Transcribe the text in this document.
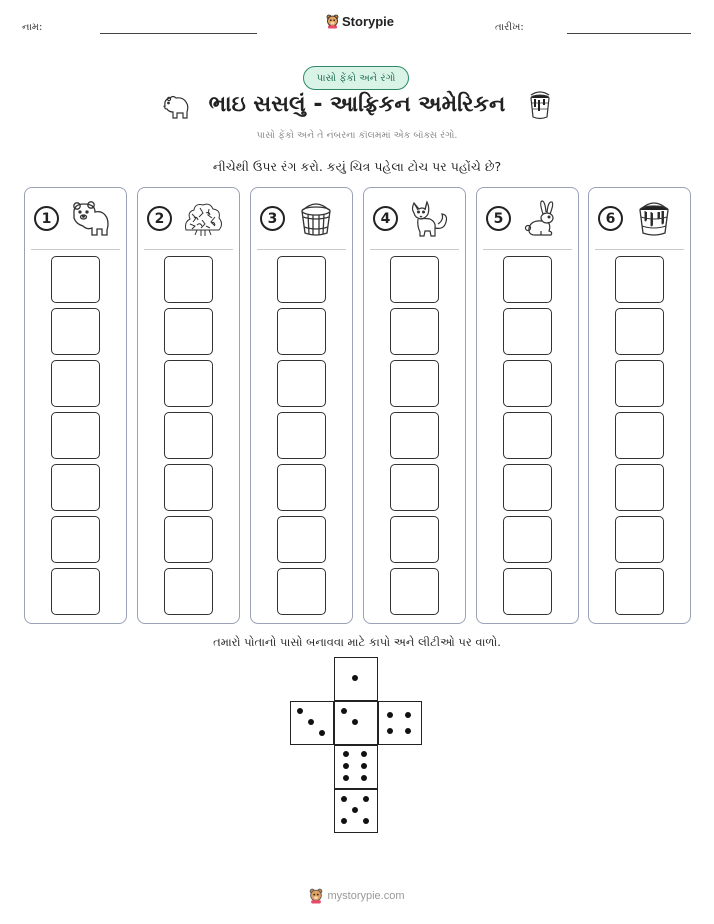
નામ:	Storypie	તારીખ:
પાસો ફેંકો અને રંગો
ભાઇ સસલું - આફ્રિકન અમેરિકન
પાસો ફેંકો અને તે નંબરના કૉલમમાં એક બૉક્સ રંગો.
નીચેથી ઉપર રંગ કરો. કયું ચિત્ર પહેલા ટોચ પર પહોંચે છે?
1	2	3	4	5	6
તમારો પોતાનો પાસો બનાવવા માટે કાપો અને લીટીઓ પર વાળો.
mystorypie.com
